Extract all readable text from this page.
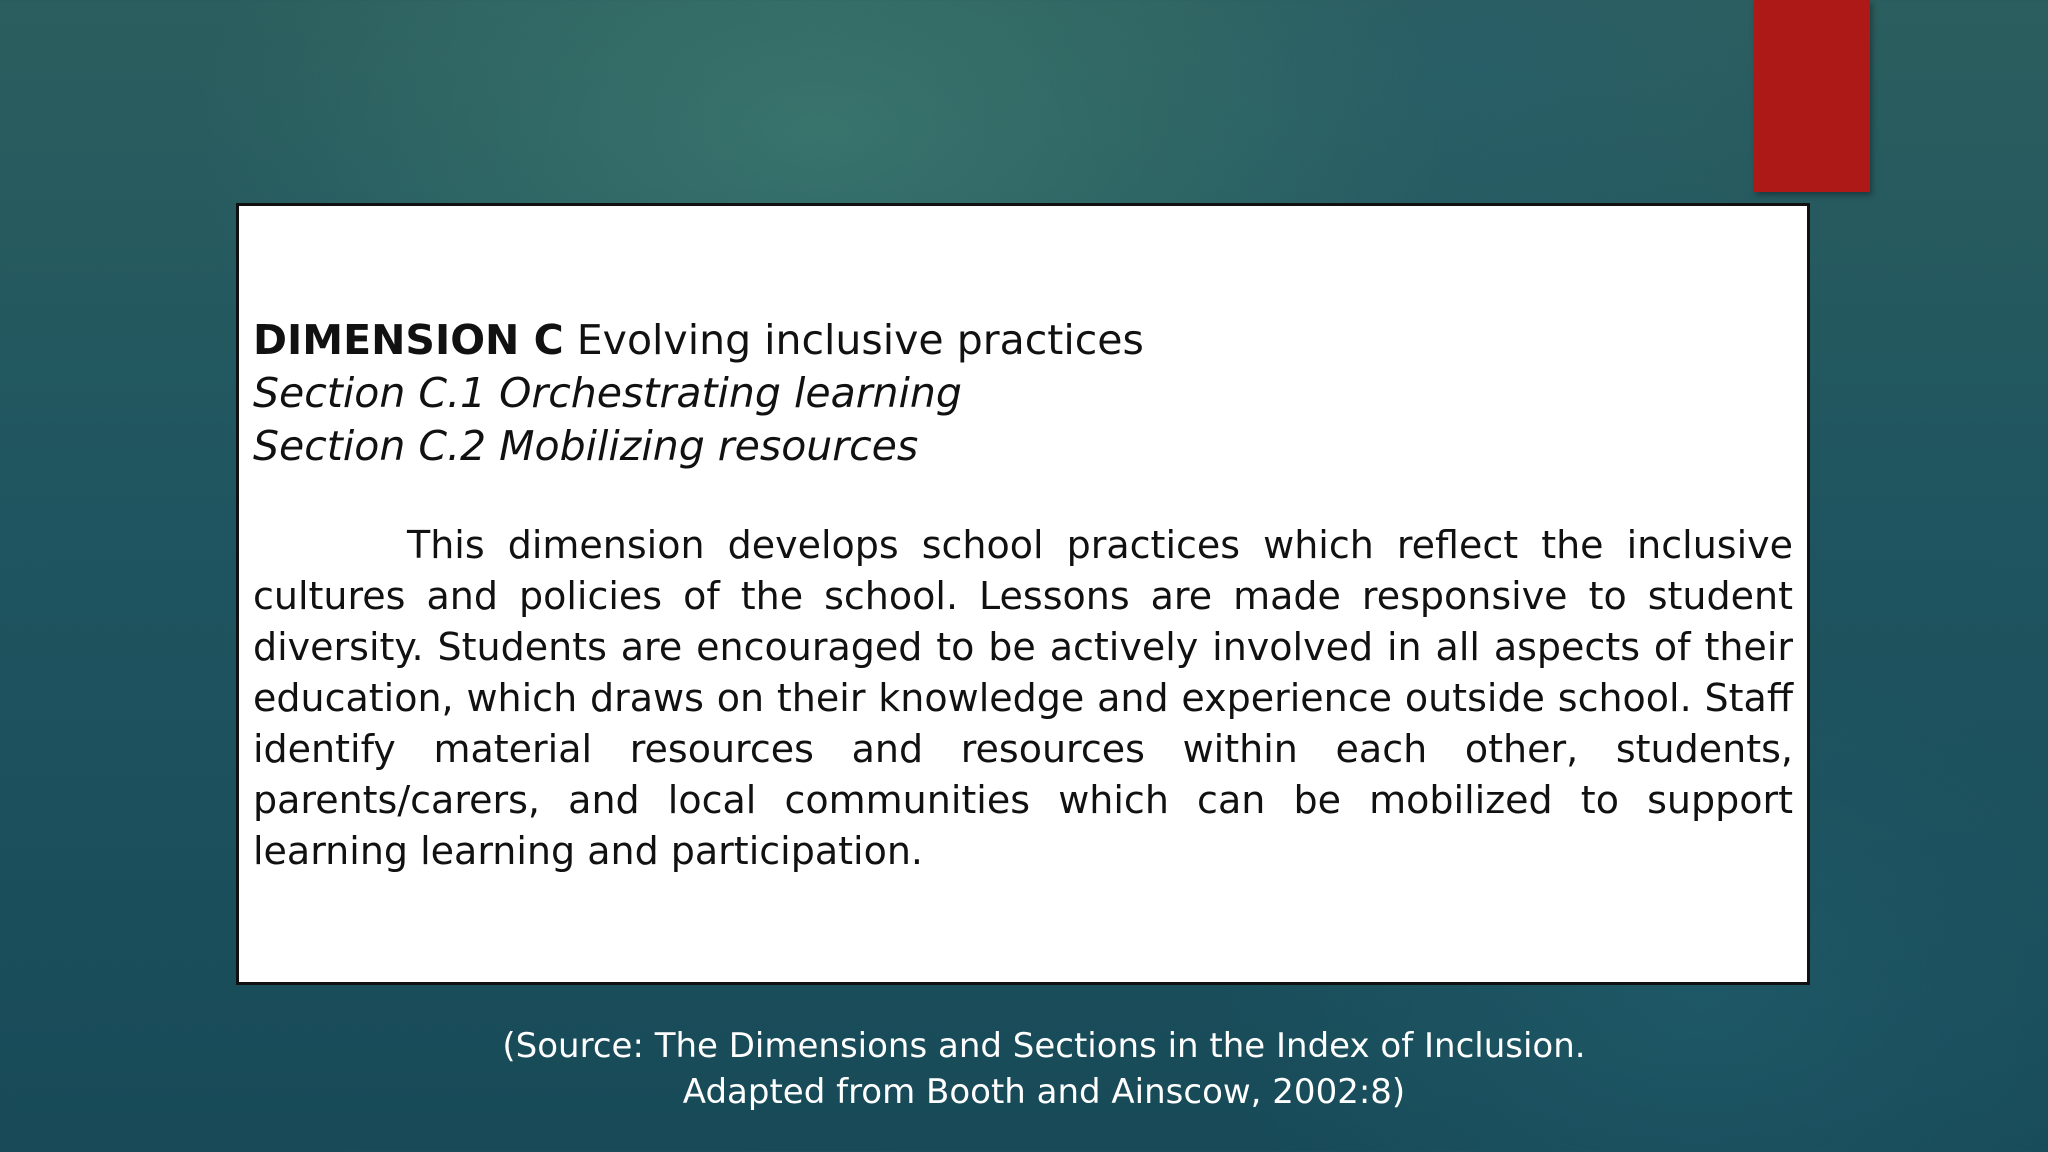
DIMENSION C Evolving inclusive practices

Section C.1 Orchestrating learning

Section C.2 Mobilizing resources

This dimension develops school practices which reflect the inclusive cultures and policies of the school. Lessons are made responsive to student diversity. Students are encouraged to be actively involved in all aspects of their education, which draws on their knowledge and experience outside school. Staff identify material resources and resources within each other, students, parents/carers, and local communities which can be mobilized to support learning learning and participation.

(Source: The Dimensions and Sections in the Index of Inclusion.
Adapted from Booth and Ainscow, 2002:8)
